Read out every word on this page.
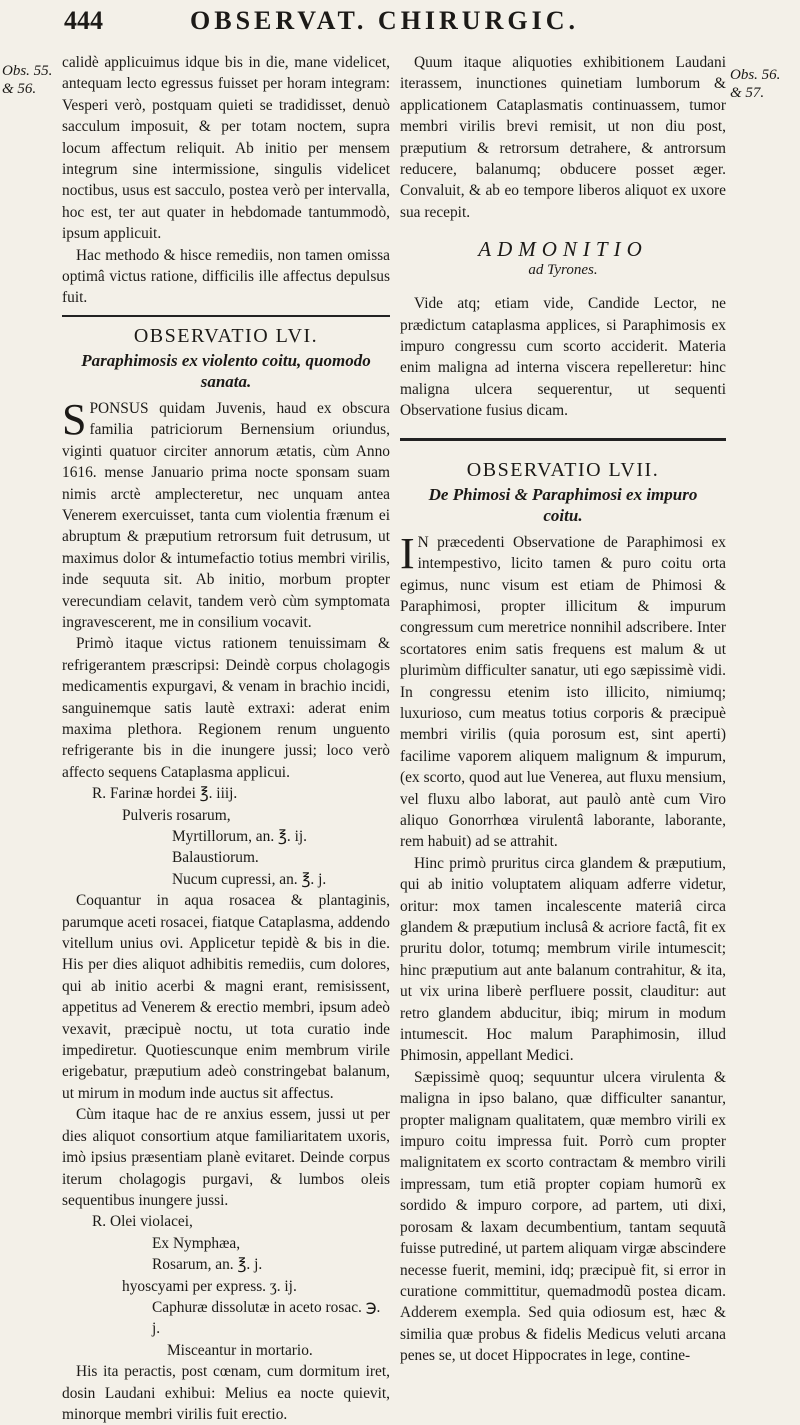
444	OBSERVAT. CHIRURGIC.
Obs. 55. & 56.
Obs. 56. & 57.

calidè applicuimus idque bis in die, mane videlicet, antequam lecto egressus fuisset per horam integram: Vesperi verò, postquam quieti se tradidisset, denuò sacculum imposuit, & per totam noctem, supra locum affectum reliquit. Ab initio per mensem integrum sine intermissione, singulis videlicet noctibus, usus est sacculo, postea verò per intervalla, hoc est, ter aut quater in hebdomade tantummodò, ipsum applicuit.

Hac methodo & hisce remediis, non tamen omissa optimâ victus ratione, difficilis ille affectus depulsus fuit.

OBSERVATIO LVI.
Paraphimosis ex violento coitu, quomodo sanata.

SPONSUS quidam Juvenis, haud ex obscura familia patriciorum Bernensium oriundus, viginti quatuor circiter annorum ætatis, cùm Anno 1616. mense Januario prima nocte sponsam suam nimis arctè amplecteretur, nec unquam antea Venerem exercuisset, tanta cum violentia frænum ei abruptum & præputium retrorsum fuit detrusum, ut maximus dolor & intumefactio totius membri virilis, inde sequuta sit. Ab initio, morbum propter verecundiam celavit, tandem verò cùm symptomata ingravescerent, me in consilium vocavit.

Primò itaque victus rationem tenuissimam & refrigerantem præscripsi: Deindè corpus cholagogis medicamentis expurgavi, & venam in brachio incidi, sanguinemque satis lautè extraxi: aderat enim maxima plethora. Regionem renum unguento refrigerante bis in die inungere jussi; loco verò affecto sequens Cataplasma applicui.

R. Farinæ hordei ℥. iiij.
Pulveris rosarum,
Myrtillorum, an. ℥. ij.
Balaustiorum.
Nucum cupressi, an. ℥. j.

Coquantur in aqua rosacea & plantaginis, parumque aceti rosacei, fiatque Cataplasma, addendo vitellum unius ovi. Applicetur tepidè & bis in die. His per dies aliquot adhibitis remediis, cum dolores, qui ab initio acerbi & magni erant, remisissent, appetitus ad Venerem & erectio membri, ipsum adeò vexavit, præcipuè noctu, ut tota curatio inde impediretur. Quotiescunque enim membrum virile erigebatur, præputium adeò constringebat balanum, ut mirum in modum inde auctus sit affectus.

Cùm itaque hac de re anxius essem, jussi ut per dies aliquot consortium atque familiaritatem uxoris, imò ipsius præsentiam planè evitaret. Deinde corpus iterum cholagogis purgavi, & lumbos oleis sequentibus inungere jussi.

R. Olei violacei,
Ex Nymphæa,
Rosarum, an. ℥. j.
hyoscyami per express. ʒ. ij.
Caphuræ dissolutæ in aceto rosac. ℈. j.
Misceantur in mortario.

His ita peractis, post cœnam, cum dormitum iret, dosin Laudani exhibui: Melius ea nocte quievit, minorque membri virilis fuit erectio.

Quum itaque aliquoties exhibitionem Laudani iterassem, inunctiones quinetiam lumborum & applicationem Cataplasmatis continuassem, tumor membri virilis brevi remisit, ut non diu post, præputium & retrorsum detrahere, & antrorsum reducere, balanumq; obducere posset æger. Convaluit, & ab eo tempore liberos aliquot ex uxore sua recepit.

ADMONITIO
ad Tyrones.

Vide atq; etiam vide, Candide Lector, ne prædictum cataplasma applices, si Paraphimosis ex impuro congressu cum scorto acciderit. Materia enim maligna ad interna viscera repelleretur: hinc maligna ulcera sequerentur, ut sequenti Observatione fusius dicam.

OBSERVATIO LVII.
De Phimosi & Paraphimosi ex impuro coitu.

I N præcedenti Observatione de Paraphimosi ex intempestivo, licito tamen & puro coitu orta egimus, nunc visum est etiam de Phimosi & Paraphimosi, propter illicitum & impurum congressum cum meretrice nonnihil adscribere. Inter scortatores enim satis frequens est malum & ut plurimùm difficulter sanatur, uti ego sæpissimè vidi. In congressu etenim isto illicito, nimiumq; luxurioso, cum meatus totius corporis & præcipuè membri virilis (quia porosum est, sint aperti) facilime vaporem aliquem malignum & impurum, (ex scorto, quod aut lue Venerea, aut fluxu mensium, vel fluxu albo laborat, aut paulò antè cum Viro aliquo Gonorrhœa virulentâ laborante, laborante, rem habuit) ad se attrahit.

Hinc primò pruritus circa glandem & præputium, qui ab initio voluptatem aliquam adferre videtur, oritur: mox tamen incalescente materiâ circa glandem & præputium inclusâ & acriore factâ, fit ex pruritu dolor, totumq; membrum virile intumescit; hinc præputium aut ante balanum contrahitur, & ita, ut vix urina liberè perfluere possit, clauditur: aut retro glandem abducitur, ibiq; mirum in modum intumescit. Hoc malum Paraphimosin, illud Phimosin, appellant Medici.

Sæpissimè quoq; sequuntur ulcera virulenta & maligna in ipso balano, quæ difficulter sanantur, propter malignam qualitatem, quæ membro virili ex impuro coitu impressa fuit. Porrò cum propter malignitatem ex scorto contractam & membro virili impressam, tum etiã propter copiam humorũ ex sordido & impuro corpore, ad partem, uti dixi, porosam & laxam decumbentium, tantam sequutã fuisse putrediné, ut partem aliquam virgæ abscindere necesse fuerit, memini, idq; præcipuè fit, si error in curatione committitur, quemadmodũ postea dicam. Adderem exempla. Sed quia odiosum est, hæc & similia quæ probus & fidelis Medicus veluti arcana penes se, ut docet Hippocrates in lege, contine-
